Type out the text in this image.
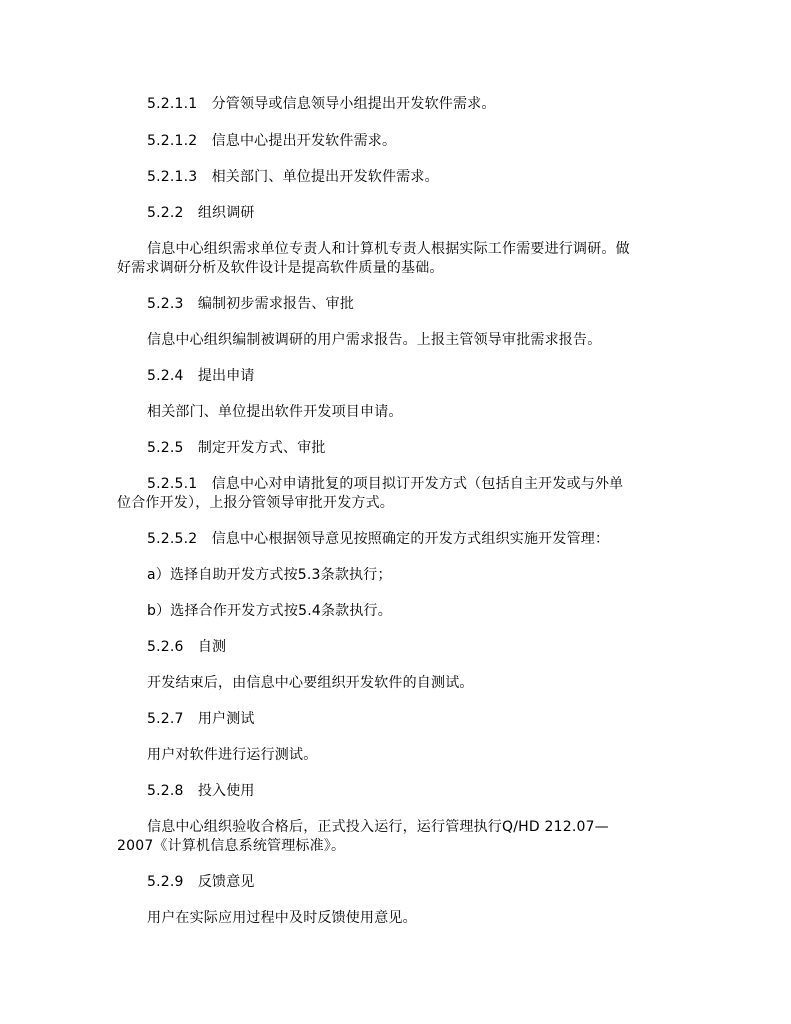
5.2.1.1　分管领导或信息领导小组提出开发软件需求。
5.2.1.2　信息中心提出开发软件需求。
5.2.1.3　相关部门、单位提出开发软件需求。
5.2.2　组织调研
信息中心组织需求单位专责人和计算机专责人根据实际工作需要进行调研。做
好需求调研分析及软件设计是提高软件质量的基础。
5.2.3　编制初步需求报告、审批
信息中心组织编制被调研的用户需求报告。上报主管领导审批需求报告。
5.2.4　提出申请
相关部门、单位提出软件开发项目申请。
5.2.5　制定开发方式、审批
5.2.5.1　信息中心对申请批复的项目拟订开发方式（包括自主开发或与外单
位合作开发），上报分管领导审批开发方式。
5.2.5.2　信息中心根据领导意见按照确定的开发方式组织实施开发管理：
a）选择自助开发方式按5.3条款执行；
b）选择合作开发方式按5.4条款执行。
5.2.6　自测
开发结束后，由信息中心要组织开发软件的自测试。
5.2.7　用户测试
用户对软件进行运行测试。
5.2.8　投入使用
信息中心组织验收合格后，正式投入运行，运行管理执行Q/HD 212.07—
2007《计算机信息系统管理标准》。
5.2.9　反馈意见
用户在实际应用过程中及时反馈使用意见。
